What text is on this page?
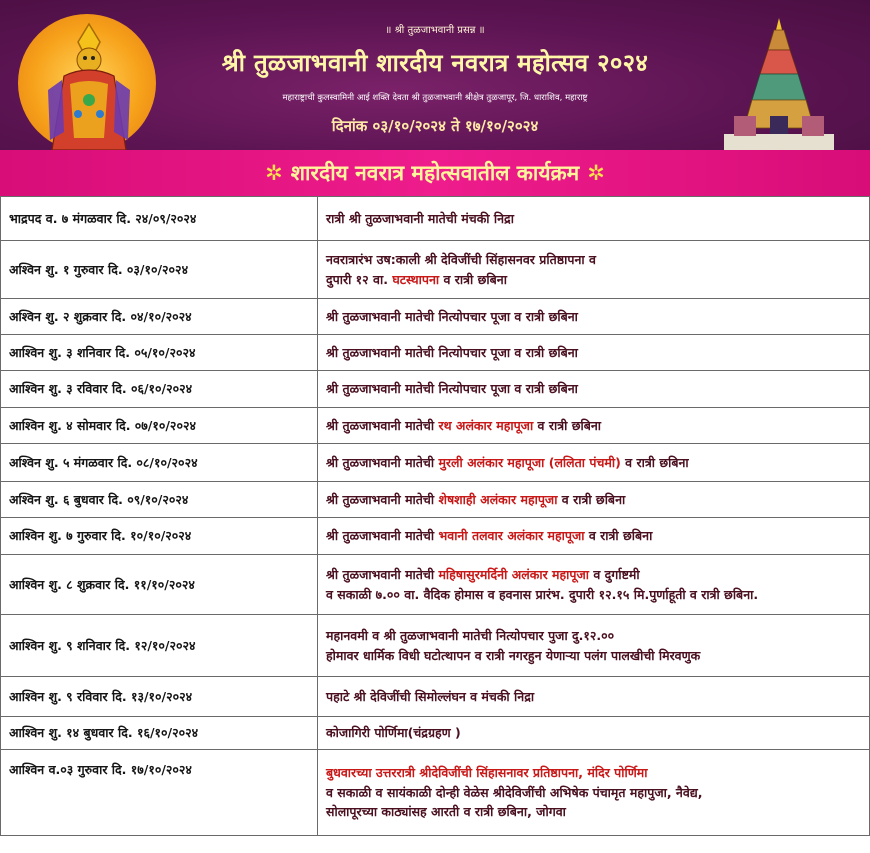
॥ श्री तुळजाभवानी प्रसन्न ॥
श्री तुळजाभवानी शारदीय नवरात्र महोत्सव २०२४
महाराष्ट्राची कुलस्वामिनी आई शक्ति देवता श्री तुळजाभवानी श्रीक्षेत्र तुळजापूर, जि. धाराशिव, महाराष्ट्र
दिनांक ०३/१०/२०२४ ते १७/१०/२०२४
✲ शारदीय नवरात्र महोत्सवातील कार्यक्रम ✲
भाद्रपद व. ७ मंगळवार दि. २४/०९/२०२४	रात्री श्री तुळजाभवानी मातेची मंचकी निद्रा
अश्विन शु. १ गुरुवार दि. ०३/१०/२०२४	नवरात्रारंभ उष:काली श्री देविजींची सिंहासनवर प्रतिष्ठापना व
दुपारी १२ वा. घटस्थापना व रात्री छबिना
अश्विन शु. २ शुक्रवार दि. ०४/१०/२०२४	श्री तुळजाभवानी मातेची नित्योपचार पूजा व रात्री छबिना
आश्विन शु. ३ शनिवार दि. ०५/१०/२०२४	श्री तुळजाभवानी मातेची नित्योपचार पूजा व रात्री छबिना
आश्विन शु. ३ रविवार दि. ०६/१०/२०२४	श्री तुळजाभवानी मातेची नित्योपचार पूजा व रात्री छबिना
आश्विन शु. ४ सोमवार दि. ०७/१०/२०२४	श्री तुळजाभवानी मातेची रथ अलंकार महापूजा व रात्री छबिना
अश्विन शु. ५ मंगळवार दि. ०८/१०/२०२४	श्री तुळजाभवानी मातेची मुरली अलंकार महापूजा (ललिता पंचमी) व रात्री छबिना
अश्विन शु. ६ बुधवार दि. ०९/१०/२०२४	श्री तुळजाभवानी मातेची शेषशाही अलंकार महापूजा व रात्री छबिना
आश्विन शु. ७ गुरुवार दि. १०/१०/२०२४	श्री तुळजाभवानी मातेची भवानी तलवार अलंकार महापूजा व रात्री छबिना
आश्विन शु. ८ शुक्रवार दि. ११/१०/२०२४	श्री तुळजाभवानी मातेची महिषासुरमर्दिनी अलंकार महापूजा व दुर्गाष्टमी
व सकाळी ७.०० वा. वैदिक होमास व हवनास प्रारंभ. दुपारी १२.१५ मि.पुर्णाहूती व रात्री छबिना.
आश्विन शु. ९ शनिवार दि. १२/१०/२०२४	महानवमी व श्री तुळजाभवानी मातेची नित्योपचार पुजा दु.१२.००
होमावर धार्मिक विधी घटोत्थापन व रात्री नगरहुन येणाऱ्या पलंग पालखीची मिरवणुक
आश्विन शु. ९ रविवार दि. १३/१०/२०२४	पहाटे श्री देविजींची सिमोल्लंघन व मंचकी निद्रा
आश्विन शु. १४ बुधवार दि. १६/१०/२०२४	कोजागिरी पोर्णिमा(चंद्रग्रहण )
आश्विन व.०३ गुरुवार दि. १७/१०/२०२४	बुधवारच्या उत्तररात्री श्रीदेविजींची सिंहासनावर प्रतिष्ठापना, मंदिर पोर्णिमा
व सकाळी व सायंकाळी दोन्ही वेळेस श्रीदेविजींची अभिषेक पंचामृत महापुजा, नैवेद्य,
सोलापूरच्या काठ्यांसह आरती व रात्री छबिना, जोगवा
